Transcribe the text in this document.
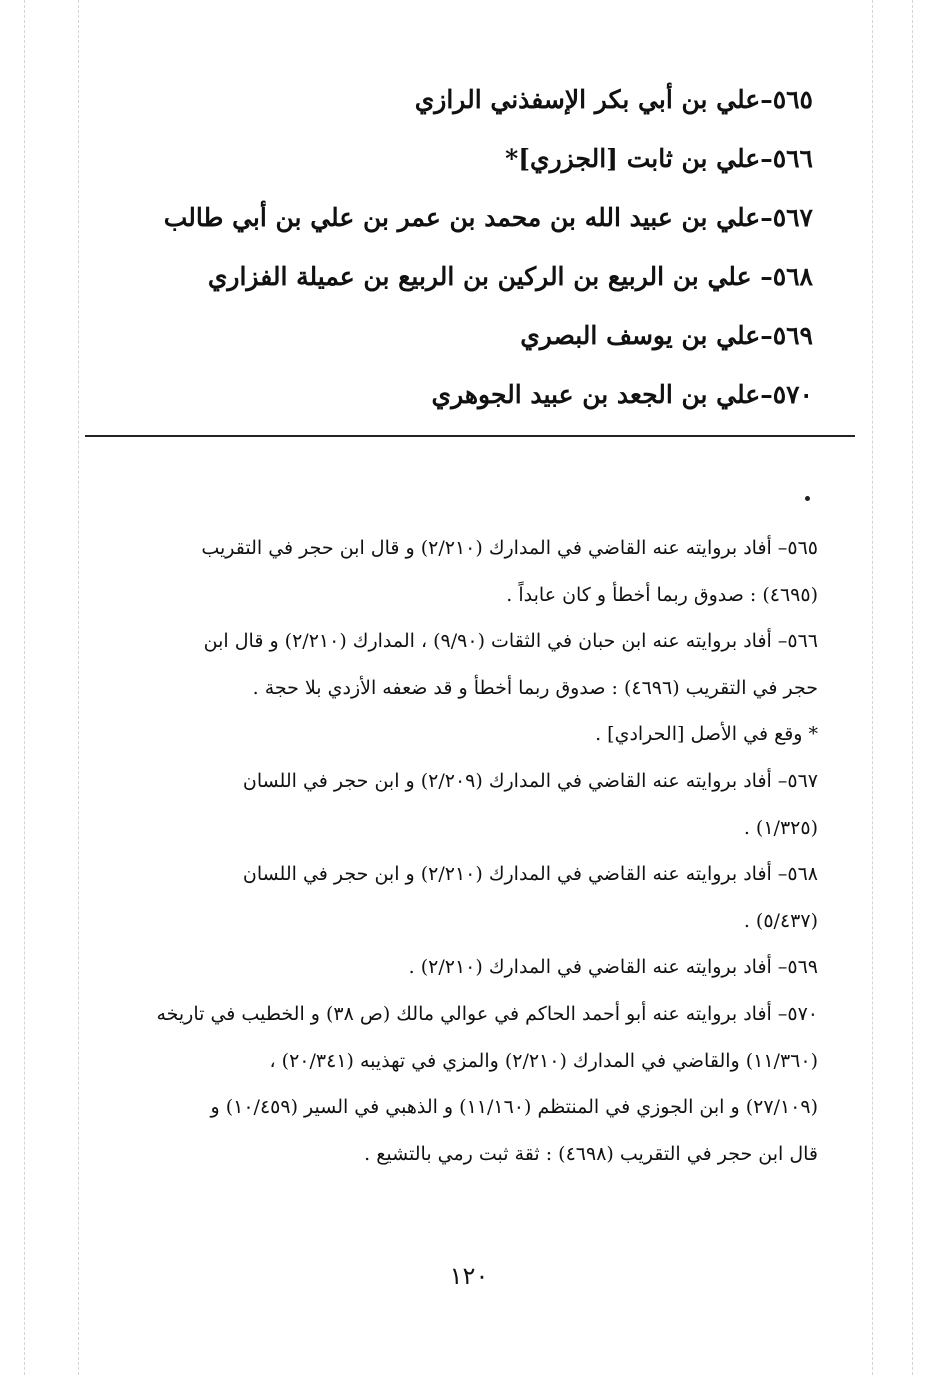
٥٦٥–علي بن أبي بكر الإسفذني الرازي
٥٦٦–علي بن ثابت [الجزري]*
٥٦٧–علي بن عبيد الله بن محمد بن عمر بن علي بن أبي طالب
٥٦٨– علي بن الربيع بن الركين بن الربيع بن عميلة الفزاري
٥٦٩–علي بن يوسف البصري
٥٧٠–علي بن الجعد بن عبيد الجوهري
٥٦٥– أفاد بروايته عنه القاضي في المدارك (٢/٢١٠) و قال ابن حجر في التقريب
(٤٦٩٥) : صدوق ربما أخطأ و كان عابداً .
٥٦٦– أفاد بروايته عنه ابن حبان في الثقات (٩/٩٠) ، المدارك (٢/٢١٠) و قال ابن
حجر في التقريب (٤٦٩٦) : صدوق ربما أخطأ و قد ضعفه الأزدي بلا حجة .
* وقع في الأصل [الحرادي] .
٥٦٧– أفاد بروايته عنه القاضي في المدارك (٢/٢٠٩) و ابن حجر في اللسان
(١/٣٢٥) .
٥٦٨– أفاد بروايته عنه القاضي في المدارك (٢/٢١٠) و ابن حجر في اللسان
(٥/٤٣٧) .
٥٦٩– أفاد بروايته عنه القاضي في المدارك (٢/٢١٠) .
٥٧٠– أفاد بروايته عنه أبو أحمد الحاكم في عوالي مالك (ص ٣٨) و الخطيب في تاريخه
(١١/٣٦٠) والقاضي في المدارك (٢/٢١٠) والمزي في تهذيبه (٢٠/٣٤١) ،
(٢٧/١٠٩) و ابن الجوزي في المنتظم (١١/١٦٠) و الذهبي في السير (١٠/٤٥٩) و
قال ابن حجر في التقريب (٤٦٩٨) : ثقة ثبت رمي بالتشيع .
١٢٠
